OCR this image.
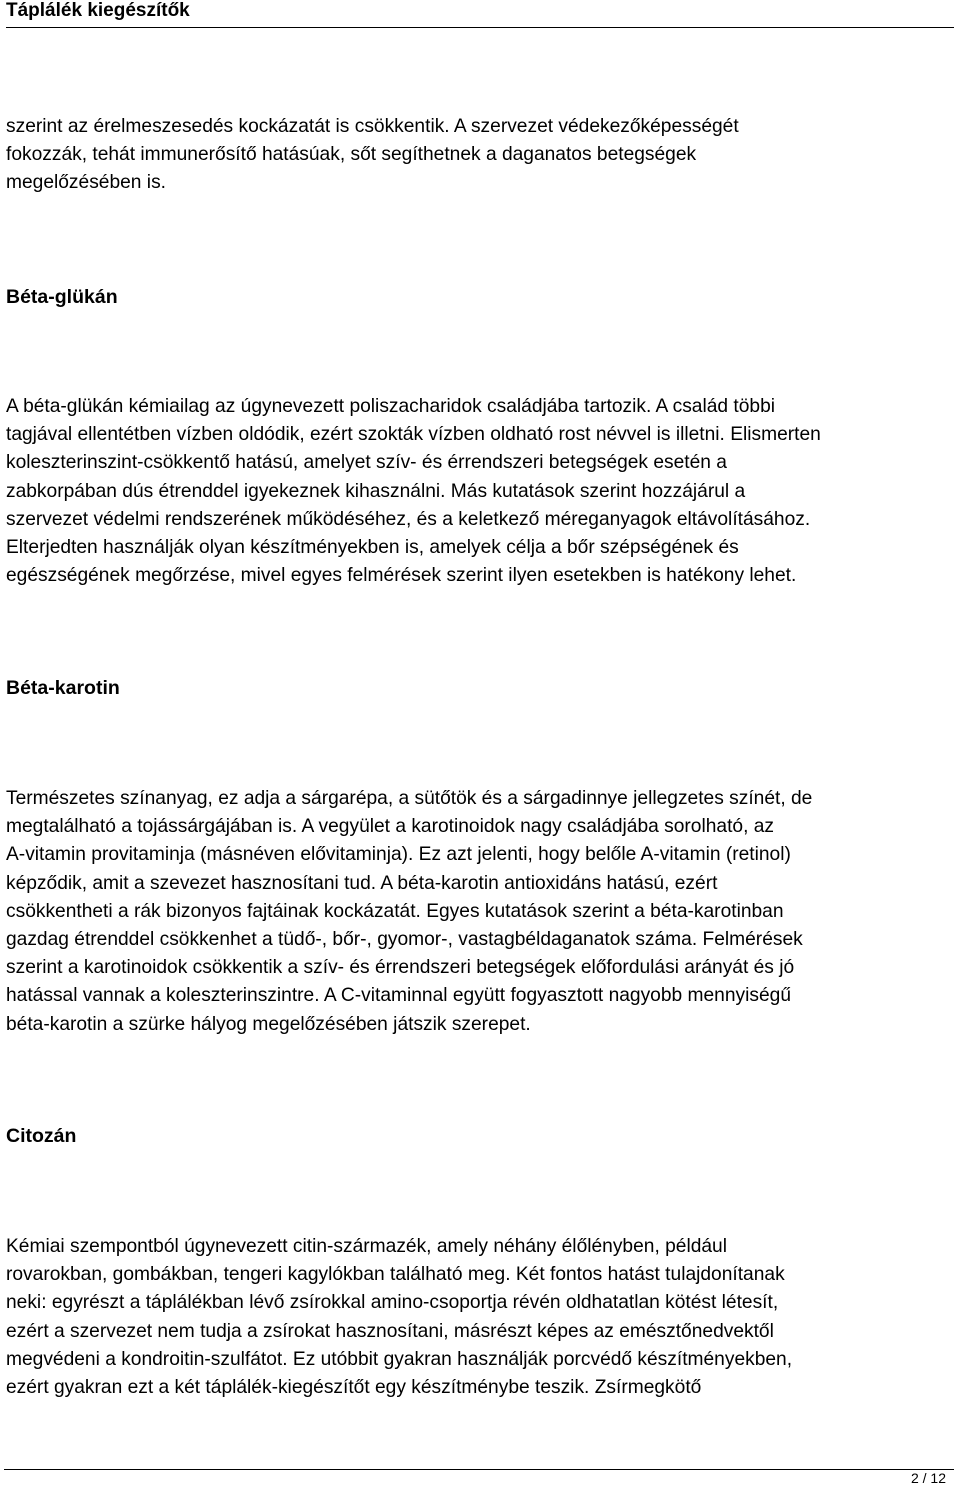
Táplálék kiegészítők
szerint az érelmeszesedés kockázatát is csökkentik. A szervezet védekezőképességét
fokozzák, tehát immunerősítő hatásúak, sőt segíthetnek a daganatos betegségek
megelőzésében is.
Béta-glükán
A béta-glükán kémiailag az úgynevezett poliszacharidok családjába tartozik. A család többi
tagjával ellentétben vízben oldódik, ezért szokták vízben oldható rost névvel is illetni. Elismerten
koleszterinszint-csökkentő hatású, amelyet szív- és érrendszeri betegségek esetén a
zabkorpában dús étrenddel igyekeznek kihasználni. Más kutatások szerint hozzájárul a
szervezet védelmi rendszerének működéséhez, és a keletkező méreganyagok eltávolításához.
Elterjedten használják olyan készítményekben is, amelyek célja a bőr szépségének és
egészségének megőrzése, mivel egyes felmérések szerint ilyen esetekben is hatékony lehet.
Béta-karotin
Természetes színanyag, ez adja a sárgarépa, a sütőtök és a sárgadinnye jellegzetes színét, de
megtalálható a tojássárgájában is. A vegyület a karotinoidok nagy családjába sorolható, az
A-vitamin provitaminja (másnéven elővitaminja). Ez azt jelenti, hogy belőle A-vitamin (retinol)
képződik, amit a szevezet hasznosítani tud. A béta-karotin antioxidáns hatású, ezért
csökkentheti a rák bizonyos fajtáinak kockázatát. Egyes kutatások szerint a béta-karotinban
gazdag étrenddel csökkenhet a tüdő-, bőr-, gyomor-, vastagbéldaganatok száma. Felmérések
szerint a karotinoidok csökkentik a szív- és érrendszeri betegségek előfordulási arányát és jó
hatással vannak a koleszterinszintre. A C-vitaminnal együtt fogyasztott nagyobb mennyiségű
béta-karotin a szürke hályog megelőzésében játszik szerepet.
Citozán
Kémiai szempontból úgynevezett citin-származék, amely néhány élőlényben, például
rovarokban, gombákban, tengeri kagylókban található meg. Két fontos hatást tulajdonítanak
neki: egyrészt a táplálékban lévő zsírokkal amino-csoportja révén oldhatatlan kötést létesít,
ezért a szervezet nem tudja a zsírokat hasznosítani, másrészt képes az emésztőnedvektől
megvédeni a kondroitin-szulfátot. Ez utóbbit gyakran használják porcvédő készítményekben,
ezért gyakran ezt a két táplálék-kiegészítőt egy készítménybe teszik. Zsírmegkötő
2 / 12
